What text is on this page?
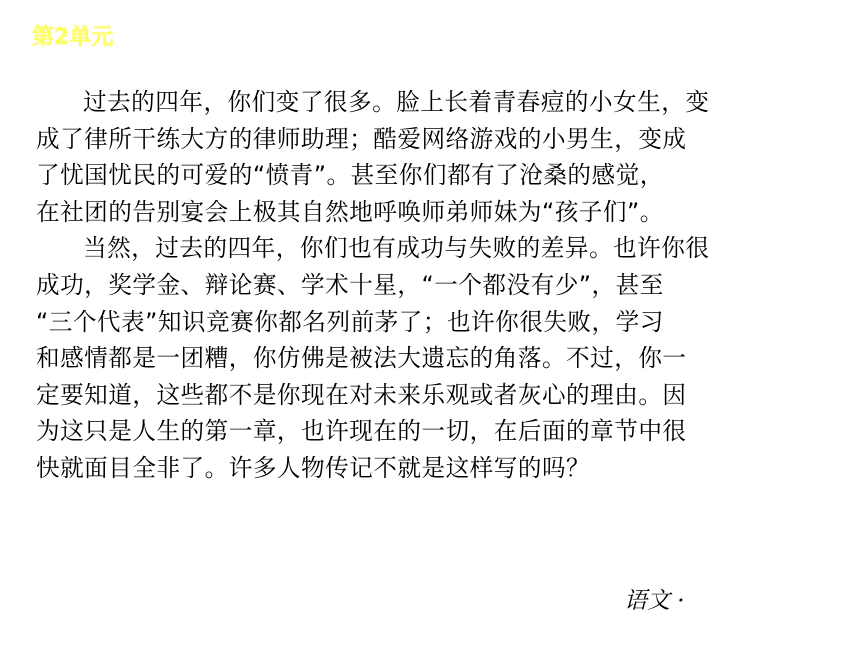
第2单元
过去的四年，你们变了很多。脸上长着青春痘的小女生，变
成了律所干练大方的律师助理；酷爱网络游戏的小男生，变成
了忧国忧民的可爱的“愤青”。甚至你们都有了沧桑的感觉，
在社团的告别宴会上极其自然地呼唤师弟师妹为“孩子们”。
当然，过去的四年，你们也有成功与失败的差异。也许你很
成功，奖学金、辩论赛、学术十星，“一个都没有少”，甚至
“三个代表”知识竞赛你都名列前茅了；也许你很失败，学习
和感情都是一团糟，你仿佛是被法大遗忘的角落。不过，你一
定要知道，这些都不是你现在对未来乐观或者灰心的理由。因
为这只是人生的第一章，也许现在的一切，在后面的章节中很
快就面目全非了。许多人物传记不就是这样写的吗？
语文 ·
